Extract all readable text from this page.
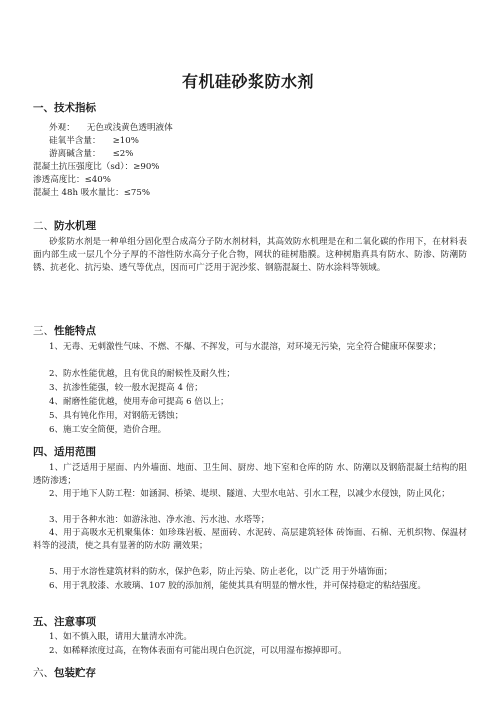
有机硅砂浆防水剂
一、技术指标
外观： 无色或浅黄色透明液体
硅氧半含量： ≥10%
游离碱含量： ≤2%
混凝土抗压强度比（sd）：≥90%
渗透高度比：≤40%
混凝土 48h 吸水量比：≤75%
二、防水机理
砂浆防水剂是一种单组分固化型合成高分子防水剂材料，其高效防水机理是在和二氧化碳的作用下，在材料表面内部生成一层几个分子厚的不溶性防水高分子化合物，网状的硅树脂膜。这种树脂真具有防水、防渗、防潮防锈、抗老化、抗污染、透气等优点，因而可广泛用于泥沙浆、钢筋混凝土、防水涂料等领域。
三、性能特点
1、无毒、无刺激性气味、不燃、不爆、不挥发，可与水混溶，对环境无污染，完全符合健康环保要求；
2、防水性能优越，且有优良的耐候性及耐久性；
3、抗渗性能强，较一般水泥提高 4 倍；
4、耐磨性能优越，使用寿命可提高 6 倍以上；
5、具有钝化作用，对钢筋无锈蚀；
6、施工安全简便，造价合理。
四、适用范围
1、广泛适用于屋面、内外墙面、地面、卫生间、厨房、地下室和仓库的防 水、防潮以及钢筋混凝土结构的阻透防渗透；
2、用于地下人防工程：如涵洞、桥梁、堤坝、隧道、大型水电站、引水工程，以减少水侵蚀，防止风化；
3、用于各种水池：如游泳池、净水池、污水池、水塔等；
4、用于高吸水无机聚集体：如珍珠岩板、屋面砖、水泥砖、高层建筑轻体 砖饰面、石棉、无机织物、保温材料等的浸渍，使之具有显著的防水防 潮效果；
5、用于水溶性建筑材料的防水，保护色彩，防止污染、防止老化，以广泛 用于外墙饰面；
6、用于乳胶漆、水玻璃、107 胶的添加剂，能使其具有明显的憎水性，并可保持稳定的粘结强度。
五、注意事项
1、如不慎入眼，请用大量清水冲洗。
2、如稀释浓度过高，在物体表面有可能出现白色沉淀，可以用湿布擦掉即可。
六、包装贮存
